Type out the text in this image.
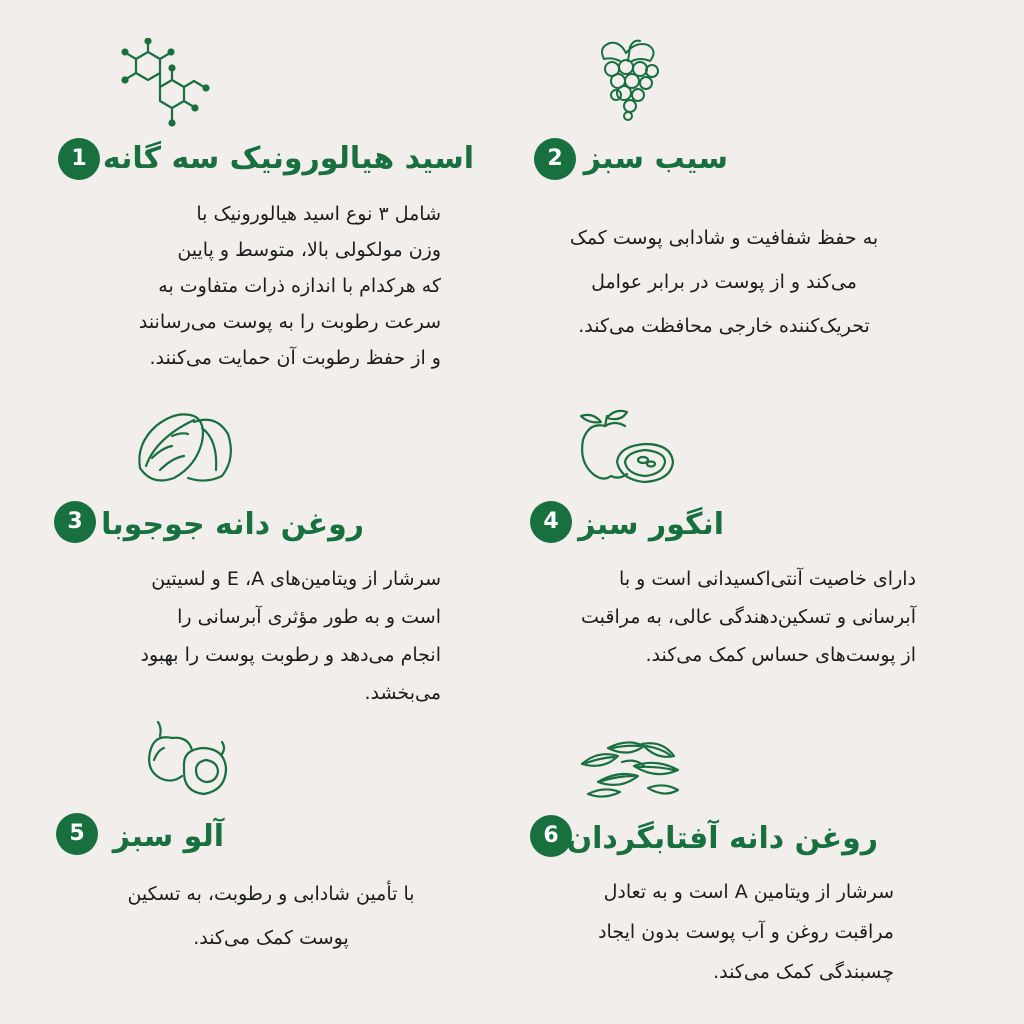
1 اسید هیالورونیک سه گانه
شامل ۳ نوع اسید هیالورونیک با
وزن مولکولی بالا، متوسط و پایین
که هرکدام با اندازه ذرات متفاوت به
سرعت رطوبت را به پوست می‌رسانند
و از حفظ رطوبت آن حمایت می‌کنند.
2 سیب سبز
به حفظ شفافیت و شادابی پوست کمک
می‌کند و از پوست در برابر عوامل
تحریک‌کننده خارجی محافظت می‌کند.
3 روغن دانه جوجوبا
سرشار از ویتامین‌های E ،A و لسیتین
است و به طور مؤثری آبرسانی را
انجام می‌دهد و رطوبت پوست را بهبود
می‌بخشد.
4 انگور سبز
دارای خاصیت آنتی‌اکسیدانی است و با
آبرسانی و تسکین‌دهندگی عالی، به مراقبت
از پوست‌های حساس کمک می‌کند.
5 آلو سبز
با تأمین شادابی و رطوبت، به تسکین
پوست کمک می‌کند.
6 روغن دانه آفتابگردان
سرشار از ویتامین A است و به تعادل
مراقبت روغن و آب پوست بدون ایجاد
چسبندگی کمک می‌کند.
